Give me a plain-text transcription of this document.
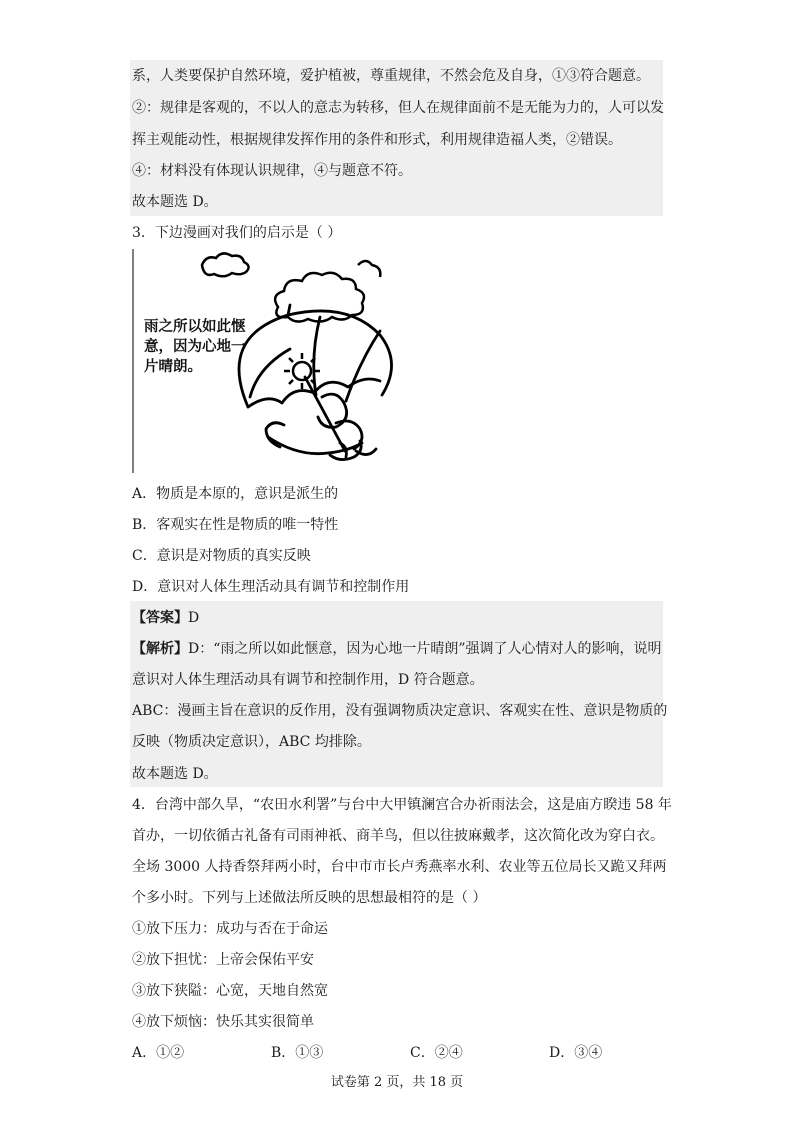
系，人类要保护自然环境，爱护植被，尊重规律，不然会危及自身，①③符合题意。
②：规律是客观的，不以人的意志为转移，但人在规律面前不是无能为力的，人可以发
挥主观能动性，根据规律发挥作用的条件和形式，利用规律造福人类，②错误。
④：材料没有体现认识规律，④与题意不符。
故本题选 D。
3．下边漫画对我们的启示是（ ）
雨之所以如此惬
意，因为心地一
片晴朗。
A．物质是本原的，意识是派生的
B．客观实在性是物质的唯一特性
C．意识是对物质的真实反映
D．意识对人体生理活动具有调节和控制作用
【答案】D
【解析】D：“雨之所以如此惬意，因为心地一片晴朗”强调了人心情对人的影响，说明
意识对人体生理活动具有调节和控制作用，D 符合题意。
ABC：漫画主旨在意识的反作用，没有强调物质决定意识、客观实在性、意识是物质的
反映（物质决定意识），ABC 均排除。
故本题选 D。
4．台湾中部久旱，“农田水利署”与台中大甲镇澜宫合办祈雨法会，这是庙方睽违 58 年
首办，一切依循古礼备有司雨神祇、商羊鸟，但以往披麻戴孝，这次简化改为穿白衣。
全场 3000 人持香祭拜两小时，台中市市长卢秀燕率水利、农业等五位局长又跪又拜两
个多小时。下列与上述做法所反映的思想最相符的是（ ）
①放下压力：成功与否在于命运
②放下担忧：上帝会保佑平安
③放下狭隘：心宽，天地自然宽
④放下烦恼：快乐其实很简单
A．①②	B．①③	C．②④	D．③④
试卷第 2 页，共 18 页
